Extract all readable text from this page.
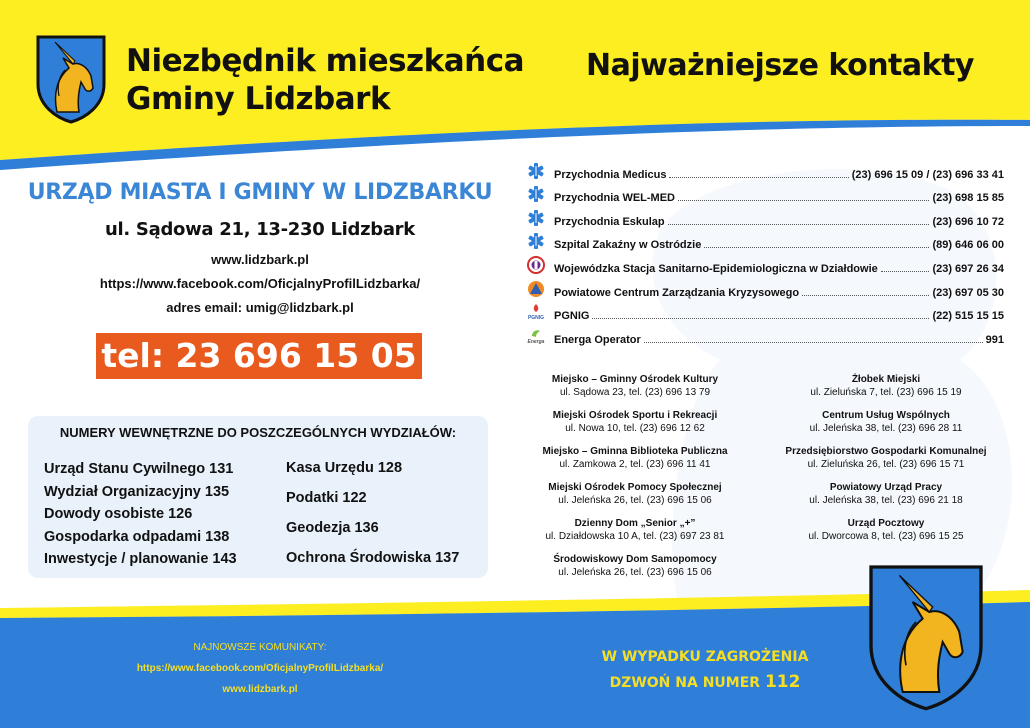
Niezbędnik mieszkańca
Gminy Lidzbark
Najważniejsze kontakty
URZĄD MIASTA I GMINY W LIDZBARKU
ul. Sądowa 21, 13-230 Lidzbark
www.lidzbark.pl
https://www.facebook.com/OficjalnyProfilLidzbarka/
adres email: umig@lidzbark.pl
tel: 23 696 15 05
NUMERY WEWNĘTRZNE DO POSZCZEGÓLNYCH WYDZIAŁÓW:
Urząd Stanu Cywilnego 131
Wydział Organizacyjny 135
Dowody osobiste 126
Gospodarka odpadami 138
Inwestycje / planowanie 143
Kasa Urzędu 128
Podatki 122
Geodezja 136
Ochrona Środowiska 137
Przychodnia Medicus	(23) 696 15 09 / (23) 696 33 41
Przychodnia WEL-MED	(23) 698 15 85
Przychodnia Eskulap	(23) 696 10 72
Szpital Zakaźny w Ostródzie	(89) 646 06 00
Wojewódzka Stacja Sanitarno-Epidemiologiczna w Działdowie	(23) 697 26 34
Powiatowe Centrum Zarządzania Kryzysowego	(23) 697 05 30
PGNIG PGNIG	(22) 515 15 15
Energa Energa Operator	991
Miejsko – Gminny Ośrodek Kultury
ul. Sądowa 23, tel. (23) 696 13 79
Miejski Ośrodek Sportu i Rekreacji
ul. Nowa 10, tel. (23) 696 12 62
Miejsko – Gminna Biblioteka Publiczna
ul. Zamkowa 2, tel. (23) 696 11 41
Miejski Ośrodek Pomocy Społecznej
ul. Jeleńska 26, tel. (23) 696 15 06
Dzienny Dom „Senior „+”
ul. Działdowska 10 A, tel. (23) 697 23 81
Środowiskowy Dom Samopomocy
ul. Jeleńska 26, tel. (23) 696 15 06
Żłobek Miejski
ul. Zieluńska 7, tel. (23) 696 15 19
Centrum Usług Wspólnych
ul. Jeleńska 38, tel. (23) 696 28 11
Przedsiębiorstwo Gospodarki Komunalnej
ul. Zieluńska 26, tel. (23) 696 15 71
Powiatowy Urząd Pracy
ul. Jeleńska 38, tel. (23) 696 21 18
Urząd Pocztowy
ul. Dworcowa 8, tel. (23) 696 15 25
NAJNOWSZE KOMUNIKATY:
https://www.facebook.com/OficjalnyProfilLidzbarka/
www.lidzbark.pl
W WYPADKU ZAGROŻENIA
DZWOŃ NA NUMER 112
